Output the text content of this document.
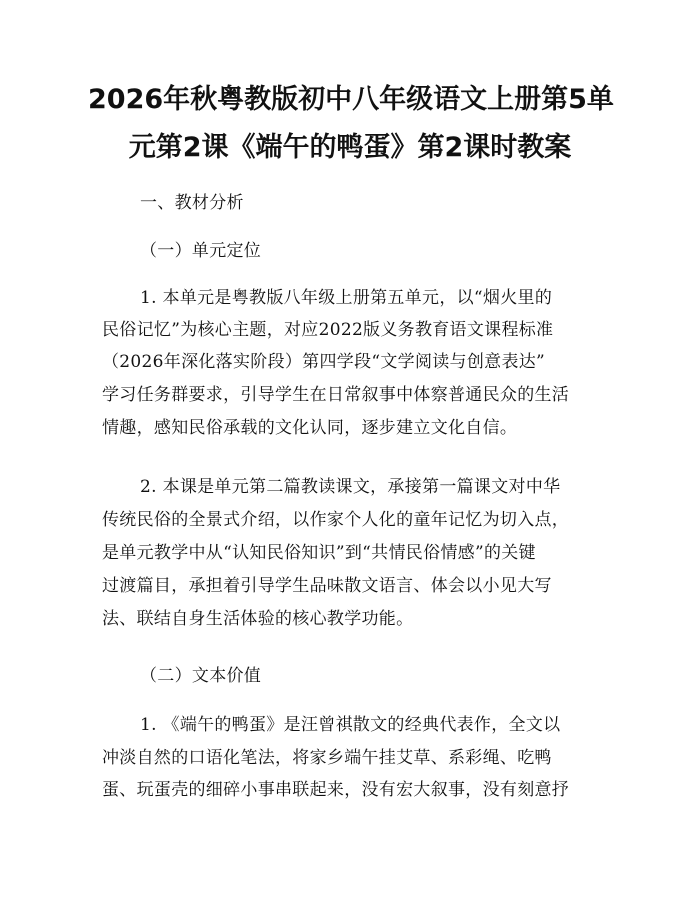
2026年秋粤教版初中八年级语文上册第5单
元第2课《端午的鸭蛋》第2课时教案

一、教材分析

（一）单元定位

1. 本单元是粤教版八年级上册第五单元，以“烟火里的

民俗记忆”为核心主题，对应2022版义务教育语文课程标准

（2026年深化落实阶段）第四学段“文学阅读与创意表达”

学习任务群要求，引导学生在日常叙事中体察普通民众的生活

情趣，感知民俗承载的文化认同，逐步建立文化自信。

2. 本课是单元第二篇教读课文，承接第一篇课文对中华

传统民俗的全景式介绍，以作家个人化的童年记忆为切入点，

是单元教学中从“认知民俗知识”到“共情民俗情感”的关键

过渡篇目，承担着引导学生品味散文语言、体会以小见大写

法、联结自身生活体验的核心教学功能。

（二）文本价值

1. 《端午的鸭蛋》是汪曾祺散文的经典代表作，全文以

冲淡自然的口语化笔法，将家乡端午挂艾草、系彩绳、吃鸭

蛋、玩蛋壳的细碎小事串联起来，没有宏大叙事，没有刻意抒
